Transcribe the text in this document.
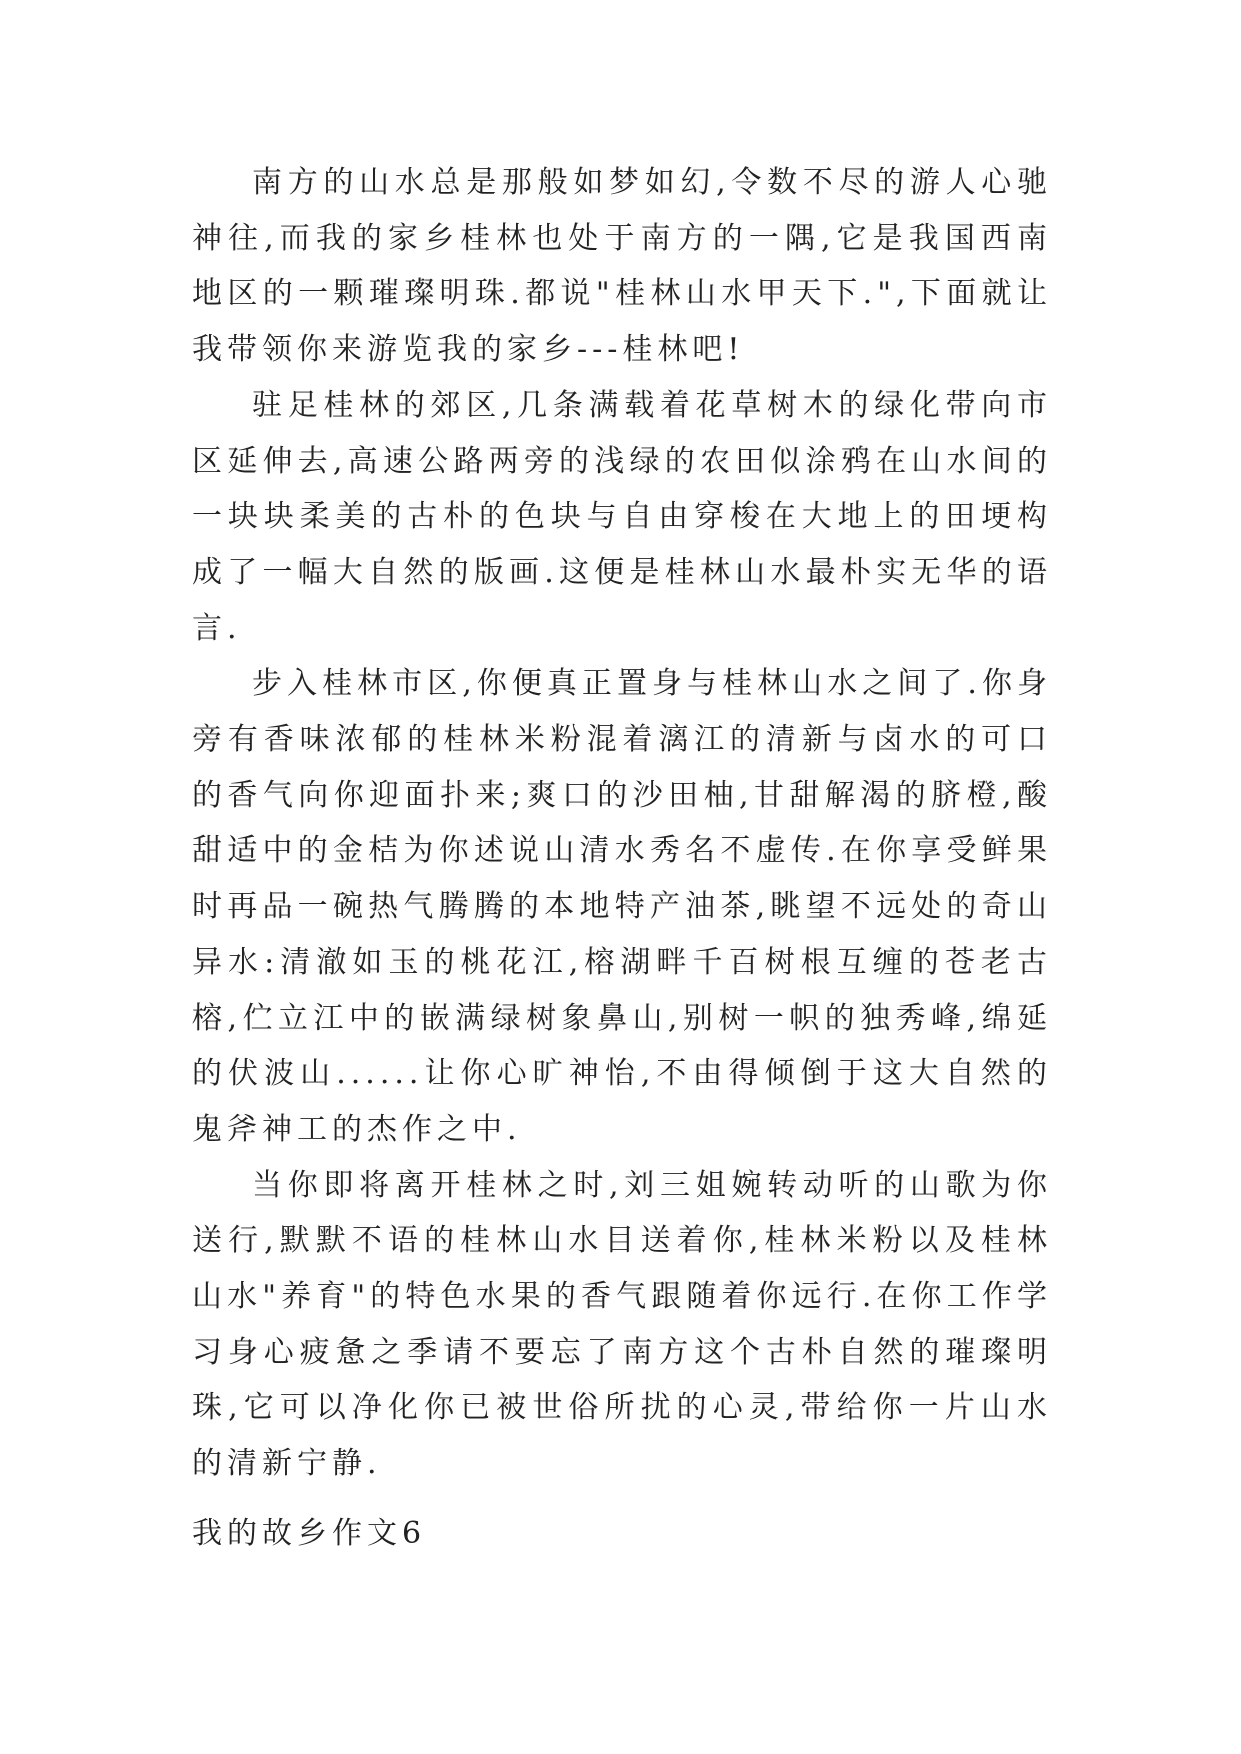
南方的山水总是那般如梦如幻,令数不尽的游人心驰神往,而我的家乡桂林也处于南方的一隅,它是我国西南地区的一颗璀璨明珠.都说"桂林山水甲天下.",下面就让我带领你来游览我的家乡---桂林吧!

驻足桂林的郊区,几条满载着花草树木的绿化带向市区延伸去,高速公路两旁的浅绿的农田似涂鸦在山水间的一块块柔美的古朴的色块与自由穿梭在大地上的田埂构成了一幅大自然的版画.这便是桂林山水最朴实无华的语言.

步入桂林市区,你便真正置身与桂林山水之间了.你身旁有香味浓郁的桂林米粉混着漓江的清新与卤水的可口的香气向你迎面扑来;爽口的沙田柚,甘甜解渴的脐橙,酸甜适中的金桔为你述说山清水秀名不虚传.在你享受鲜果时再品一碗热气腾腾的本地特产油茶,眺望不远处的奇山异水:清澈如玉的桃花江,榕湖畔千百树根互缠的苍老古榕,伫立江中的嵌满绿树象鼻山,别树一帜的独秀峰,绵延的伏波山......让你心旷神怡,不由得倾倒于这大自然的鬼斧神工的杰作之中.

当你即将离开桂林之时,刘三姐婉转动听的山歌为你送行,默默不语的桂林山水目送着你,桂林米粉以及桂林山水"养育"的特色水果的香气跟随着你远行.在你工作学习身心疲惫之季请不要忘了南方这个古朴自然的璀璨明珠,它可以净化你已被世俗所扰的心灵,带给你一片山水的清新宁静.

我的故乡作文6
